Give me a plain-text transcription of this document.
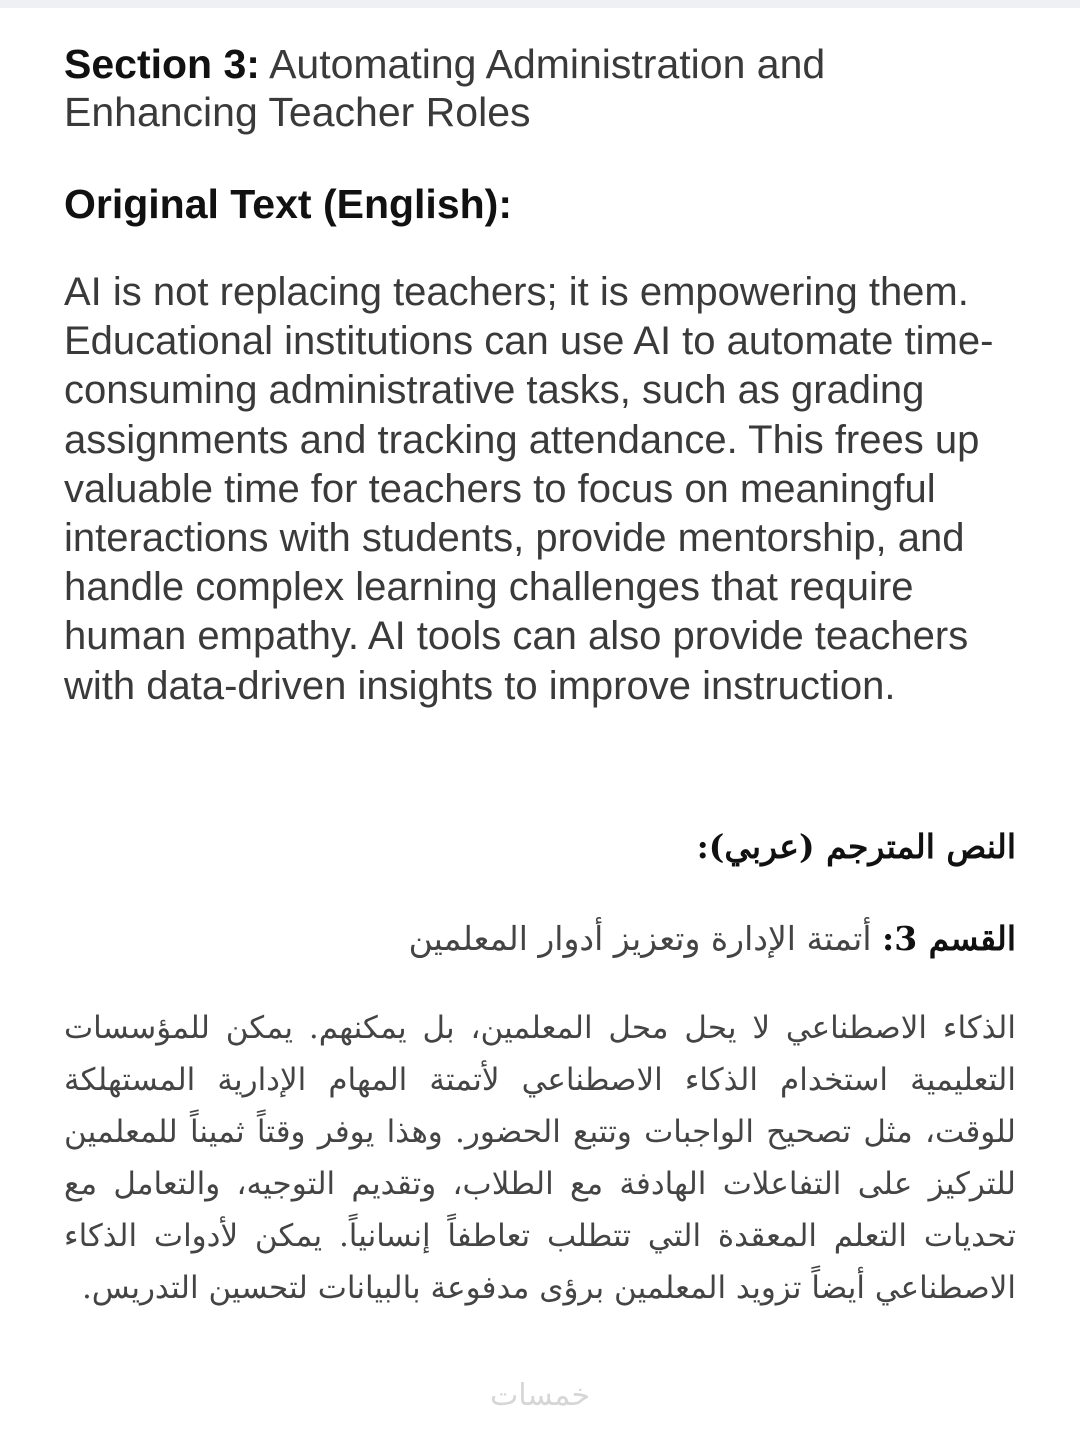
Section 3: Automating Administration and Enhancing Teacher Roles
Original Text (English):

AI is not replacing teachers; it is empowering them. Educational institutions can use AI to automate time-consuming administrative tasks, such as grading assignments and tracking attendance. This frees up valuable time for teachers to focus on meaningful interactions with students, provide mentorship, and handle complex learning challenges that require human empathy. AI tools can also provide teachers with data-driven insights to improve instruction.

النص المترجم (عربي):

القسم 3: أتمتة الإدارة وتعزيز أدوار المعلمين

الذكاء الاصطناعي لا يحل محل المعلمين، بل يمكنهم. يمكن للمؤسسات التعليمية استخدام الذكاء الاصطناعي لأتمتة المهام الإدارية المستهلكة للوقت، مثل تصحيح الواجبات وتتبع الحضور. وهذا يوفر وقتاً ثميناً للمعلمين للتركيز على التفاعلات الهادفة مع الطلاب، وتقديم التوجيه، والتعامل مع تحديات التعلم المعقدة التي تتطلب تعاطفاً إنسانياً. يمكن لأدوات الذكاء الاصطناعي أيضاً تزويد المعلمين برؤى مدفوعة بالبيانات لتحسين التدريس.

خمسات
